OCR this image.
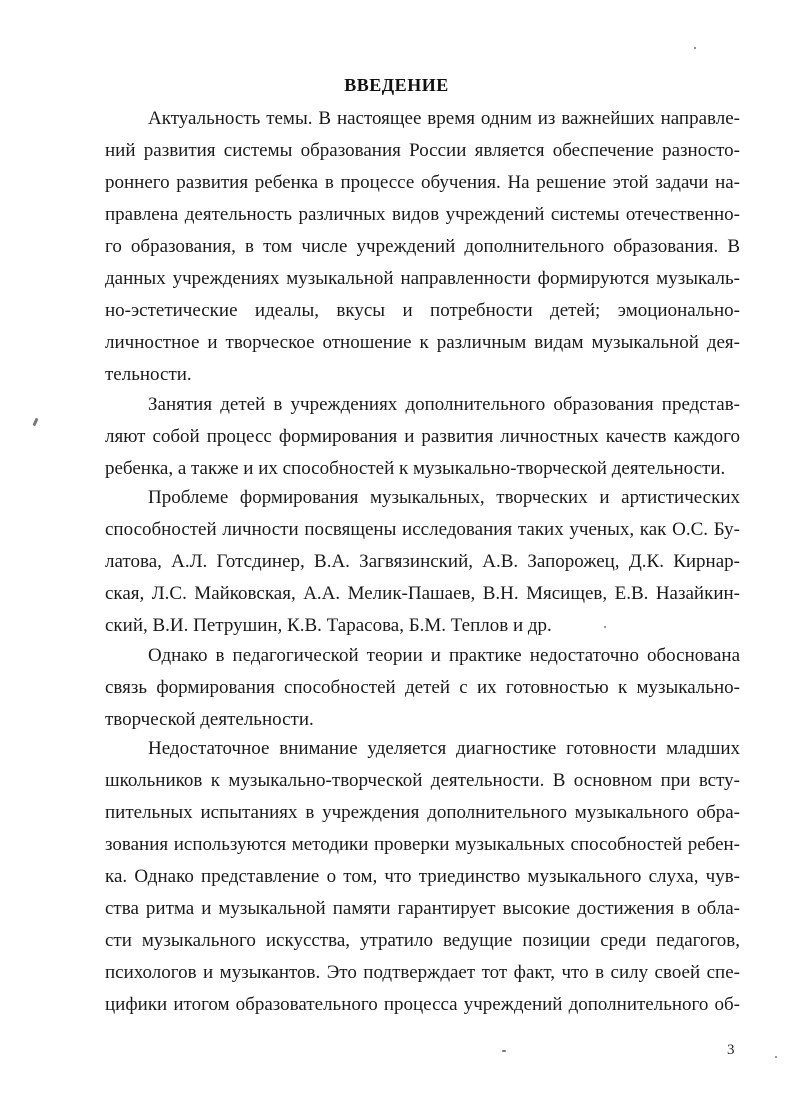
ВВЕДЕНИЕ
Актуальность темы. В настоящее время одним из важнейших направле-
ний развития системы образования России является обеспечение разносто-
роннего развития ребенка в процессе обучения. На решение этой задачи на-
правлена деятельность различных видов учреждений системы отечественно-
го образования, в том числе учреждений дополнительного образования. В
данных учреждениях музыкальной направленности формируются музыкаль-
но-эстетические идеалы, вкусы и потребности детей; эмоционально-
личностное и творческое отношение к различным видам музыкальной дея-
тельности.
Занятия детей в учреждениях дополнительного образования представ-
ляют собой процесс формирования и развития личностных качеств каждого
ребенка, а также и их способностей к музыкально-творческой деятельности.
Проблеме формирования музыкальных, творческих и артистических
способностей личности посвящены исследования таких ученых, как О.С. Бу-
латова, А.Л. Готсдинер, В.А. Загвязинский, А.В. Запорожец, Д.К. Кирнар-
ская, Л.С. Майковская, А.А. Мелик-Пашаев, В.Н. Мясищев, Е.В. Назайкин-
ский, В.И. Петрушин, К.В. Тарасова, Б.М. Теплов и др.
Однако в педагогической теории и практике недостаточно обоснована
связь формирования способностей детей с их готовностью к музыкально-
творческой деятельности.
Недостаточное внимание уделяется диагностике готовности младших
школьников к музыкально-творческой деятельности. В основном при всту-
пительных испытаниях в учреждения дополнительного музыкального обра-
зования используются методики проверки музыкальных способностей ребен-
ка. Однако представление о том, что триединство музыкального слуха, чув-
ства ритма и музыкальной памяти гарантирует высокие достижения в обла-
сти музыкального искусства, утратило ведущие позиции среди педагогов,
психологов и музыкантов. Это подтверждает тот факт, что в силу своей спе-
цифики итогом образовательного процесса учреждений дополнительного об-
3
